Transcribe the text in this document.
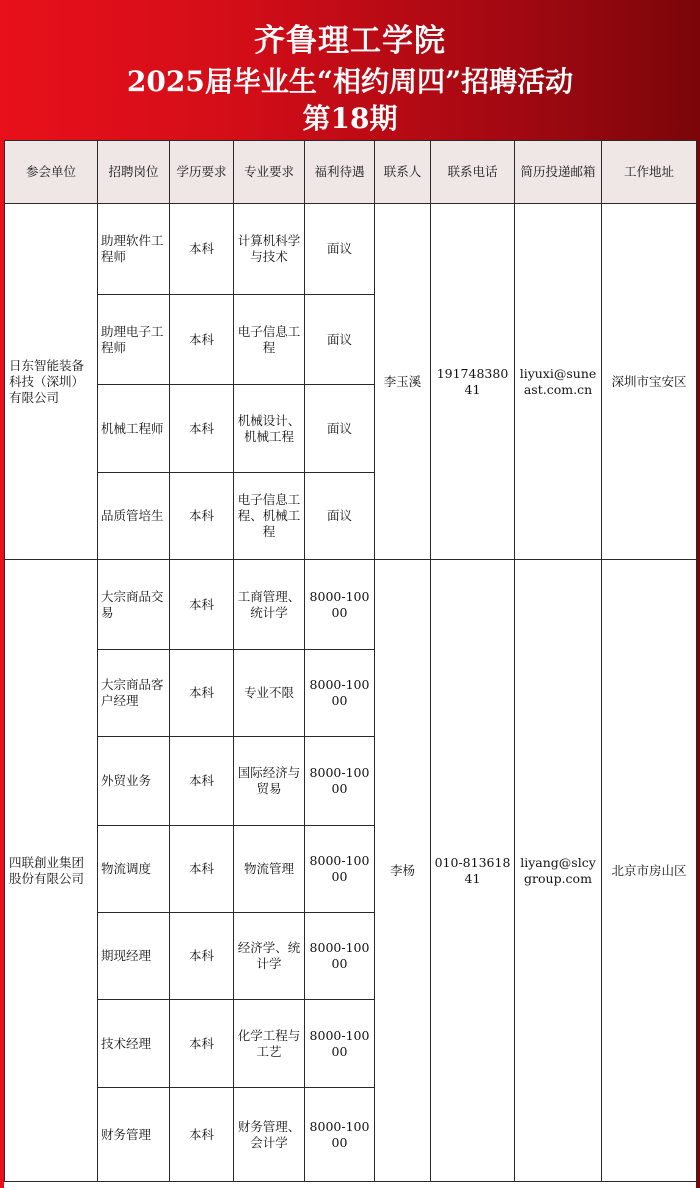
齐鲁理工学院
2025届毕业生“相约周四”招聘活动
第18期
参会单位	招聘岗位	学历要求	专业要求	福利待遇	联系人	联系电话	简历投递邮箱	工作地址
日东智能装备科技（深圳）有限公司	助理软件工程师	本科	计算机科学与技术	面议	李玉溪	19174838041	liyuxi@suneast.com.cn	深圳市宝安区
	助理电子工程师	本科	电子信息工程	面议				
	机械工程师	本科	机械设计、机械工程	面议				
	品质管培生	本科	电子信息工程、机械工程	面议				
四联創业集团股份有限公司	大宗商品交易	本科	工商管理、统计学	8000-10000	李杨	010-81361841	liyang@slcygroup.com	北京市房山区
	大宗商品客户经理	本科	专业不限	8000-10000				
	外贸业务	本科	国际经济与贸易	8000-10000				
	物流调度	本科	物流管理	8000-10000				
	期现经理	本科	经济学、统计学	8000-10000				
	技术经理	本科	化学工程与工艺	8000-10000				
	财务管理	本科	财务管理、会计学	8000-10000				
